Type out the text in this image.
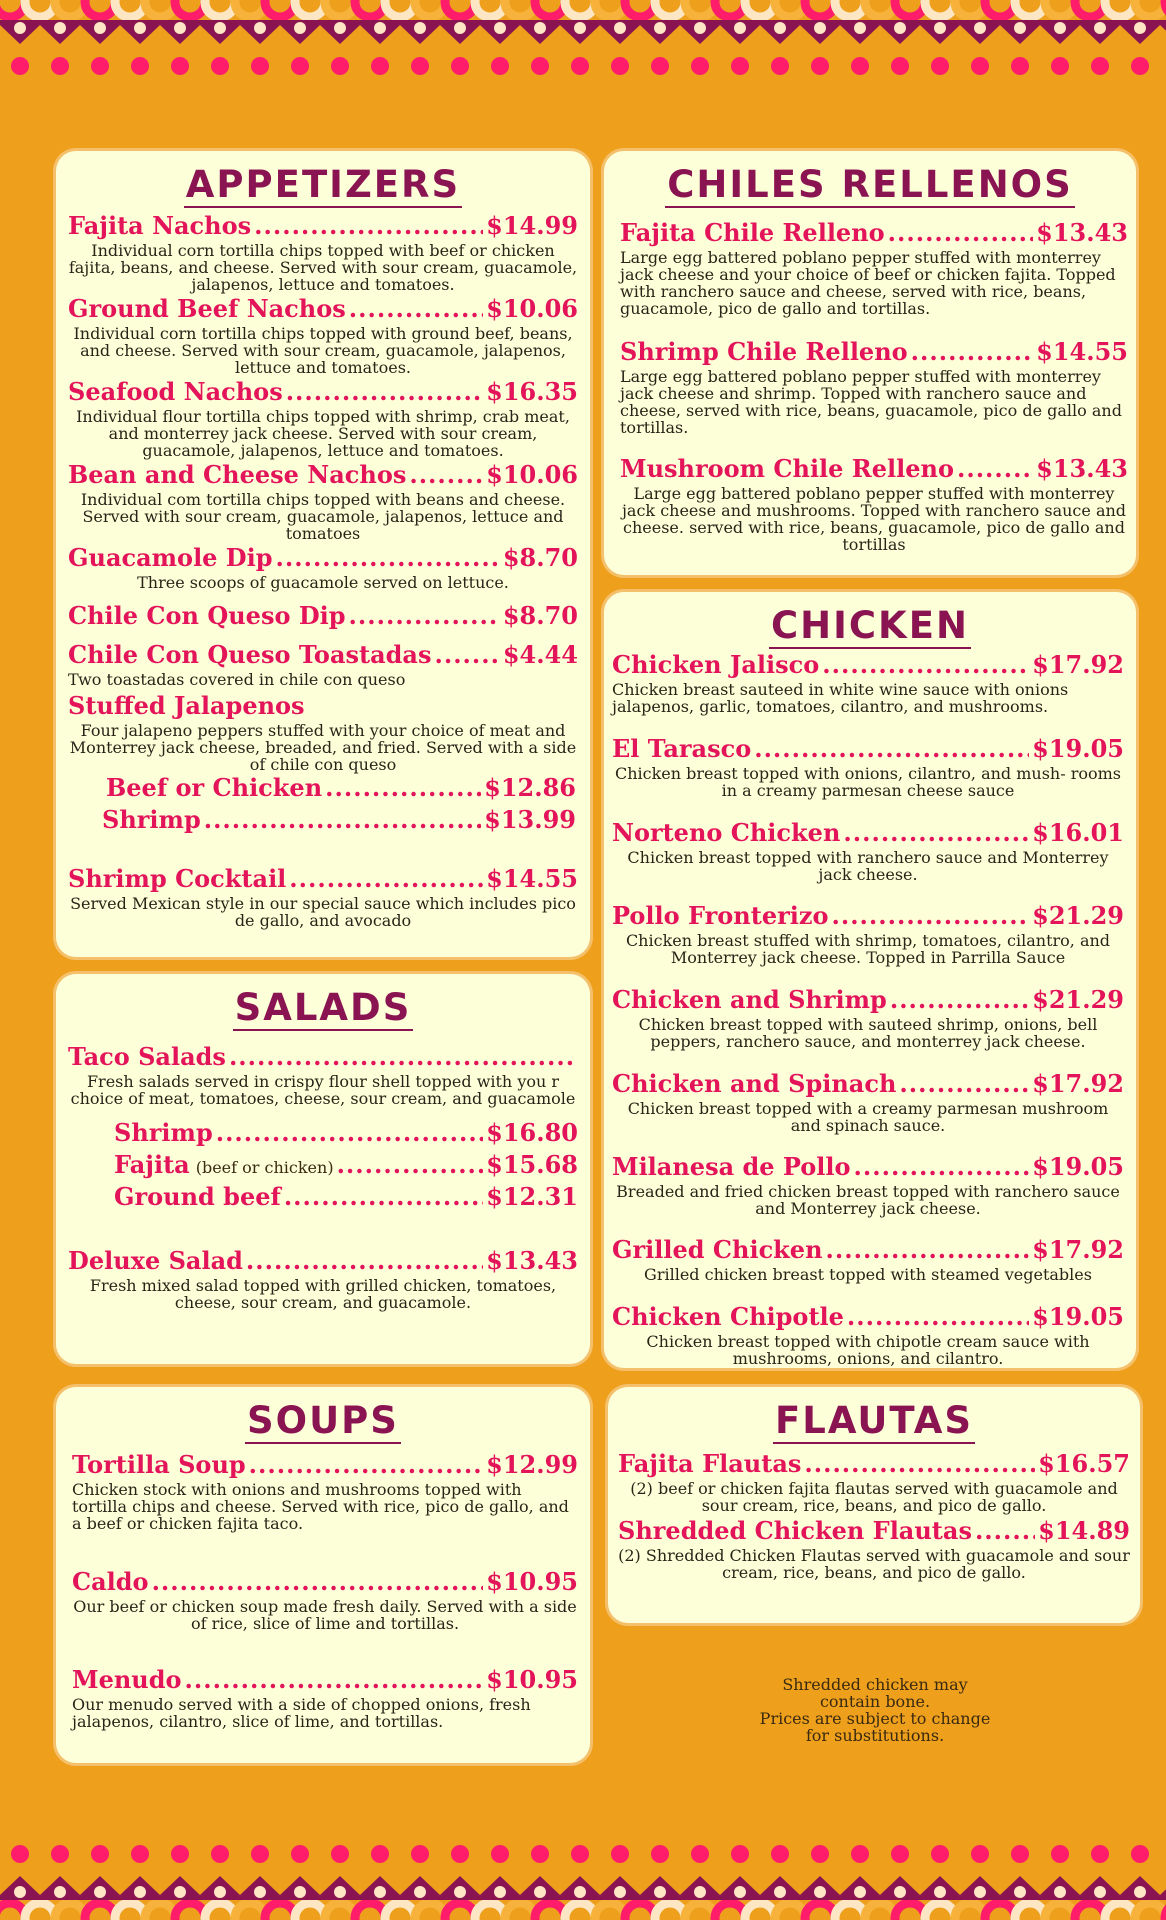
APPETIZERS
Fajita Nachos .....	$14.99
Individual corn tortilla chips topped with beef or chicken fajita, beans, and cheese. Served with sour cream, guacamole, jalapenos, lettuce and tomatoes.
Ground Beef Nachos .....	$10.06
Individual corn tortilla chips topped with ground beef, beans, and cheese. Served with sour cream, guacamole, jalapenos, lettuce and tomatoes.
Seafood Nachos .....	$16.35
Individual flour tortilla chips topped with shrimp, crab meat, and monterrey jack cheese. Served with sour cream, guacamole, jalapenos, lettuce and tomatoes.
Bean and Cheese Nachos .....	$10.06
Individual com tortilla chips topped with beans and cheese. Served with sour cream, guacamole, jalapenos, lettuce and tomatoes
Guacamole Dip .....	$8.70
Three scoops of guacamole served on lettuce.
Chile Con Queso Dip .....	$8.70
Chile Con Queso Toastadas .....	$4.44
Two toastadas covered in chile con queso
Stuffed Jalapenos
Four jalapeno peppers stuffed with your choice of meat and Monterrey jack cheese, breaded, and fried. Served with a side of chile con queso
Beef or Chicken .....	$12.86
Shrimp .....	$13.99
Shrimp Cocktail .....	$14.55
Served Mexican style in our special sauce which includes pico de gallo, and avocado
SALADS
Taco Salads
.....
Fresh salads served in crispy flour shell topped with you r choice of meat, tomatoes, cheese, sour cream, and guacamole
Shrimp .....	$16.80
Fajita (beef or chicken) .....	$15.68
Ground beef .....	$12.31
Deluxe Salad .....	$13.43
Fresh mixed salad topped with grilled chicken, tomatoes, cheese, sour cream, and guacamole.
SOUPS
Tortilla Soup .....	$12.99
Chicken stock with onions and mushrooms topped with tortilla chips and cheese. Served with rice, pico de gallo, and a beef or chicken fajita taco.
Caldo .....	$10.95
Our beef or chicken soup made fresh daily. Served with a side of rice, slice of lime and tortillas.
Menudo .....	$10.95
Our menudo served with a side of chopped onions, fresh jalapenos, cilantro, slice of lime, and tortillas.
CHILES RELLENOS
Fajita Chile Relleno .....	$13.43
Large egg battered poblano pepper stuffed with monterrey jack cheese and your choice of beef or chicken fajita. Topped with ranchero sauce and cheese, served with rice, beans, guacamole, pico de gallo and tortillas.
Shrimp Chile Relleno .....	$14.55
Large egg battered poblano pepper stuffed with monterrey jack cheese and shrimp. Topped with ranchero sauce and cheese, served with rice, beans, guacamole, pico de gallo and tortillas.
Mushroom Chile Relleno .....	$13.43
Large egg battered poblano pepper stuffed with monterrey jack cheese and mushrooms. Topped with ranchero sauce and cheese. served with rice, beans, guacamole, pico de gallo and tortillas
CHICKEN
Chicken Jalisco .....	$17.92
Chicken breast sauteed in white wine sauce with onions jalapenos, garlic, tomatoes, cilantro, and mushrooms.
El Tarasco .....	$19.05
Chicken breast topped with onions, cilantro, and mush- rooms in a creamy parmesan cheese sauce
Norteno Chicken .....	$16.01
Chicken breast topped with ranchero sauce and Monterrey jack cheese.
Pollo Fronterizo .....	$21.29
Chicken breast stuffed with shrimp, tomatoes, cilantro, and Monterrey jack cheese. Topped in Parrilla Sauce
Chicken and Shrimp .....	$21.29
Chicken breast topped with sauteed shrimp, onions, bell peppers, ranchero sauce, and monterrey jack cheese.
Chicken and Spinach .....	$17.92
Chicken breast topped with a creamy parmesan mushroom and spinach sauce.
Milanesa de Pollo .....	$19.05
Breaded and fried chicken breast topped with ranchero sauce and Monterrey jack cheese.
Grilled Chicken .....	$17.92
Grilled chicken breast topped with steamed vegetables
Chicken Chipotle .....	$19.05
Chicken breast topped with chipotle cream sauce with mushrooms, onions, and cilantro.
FLAUTAS
Fajita Flautas .....	$16.57
(2) beef or chicken fajita flautas served with guacamole and sour cream, rice, beans, and pico de gallo.
Shredded Chicken Flautas .....	$14.89
(2) Shredded Chicken Flautas served with guacamole and sour cream, rice, beans, and pico de gallo.
Shredded chicken may
contain bone.
Prices are subject to change
for substitutions.
